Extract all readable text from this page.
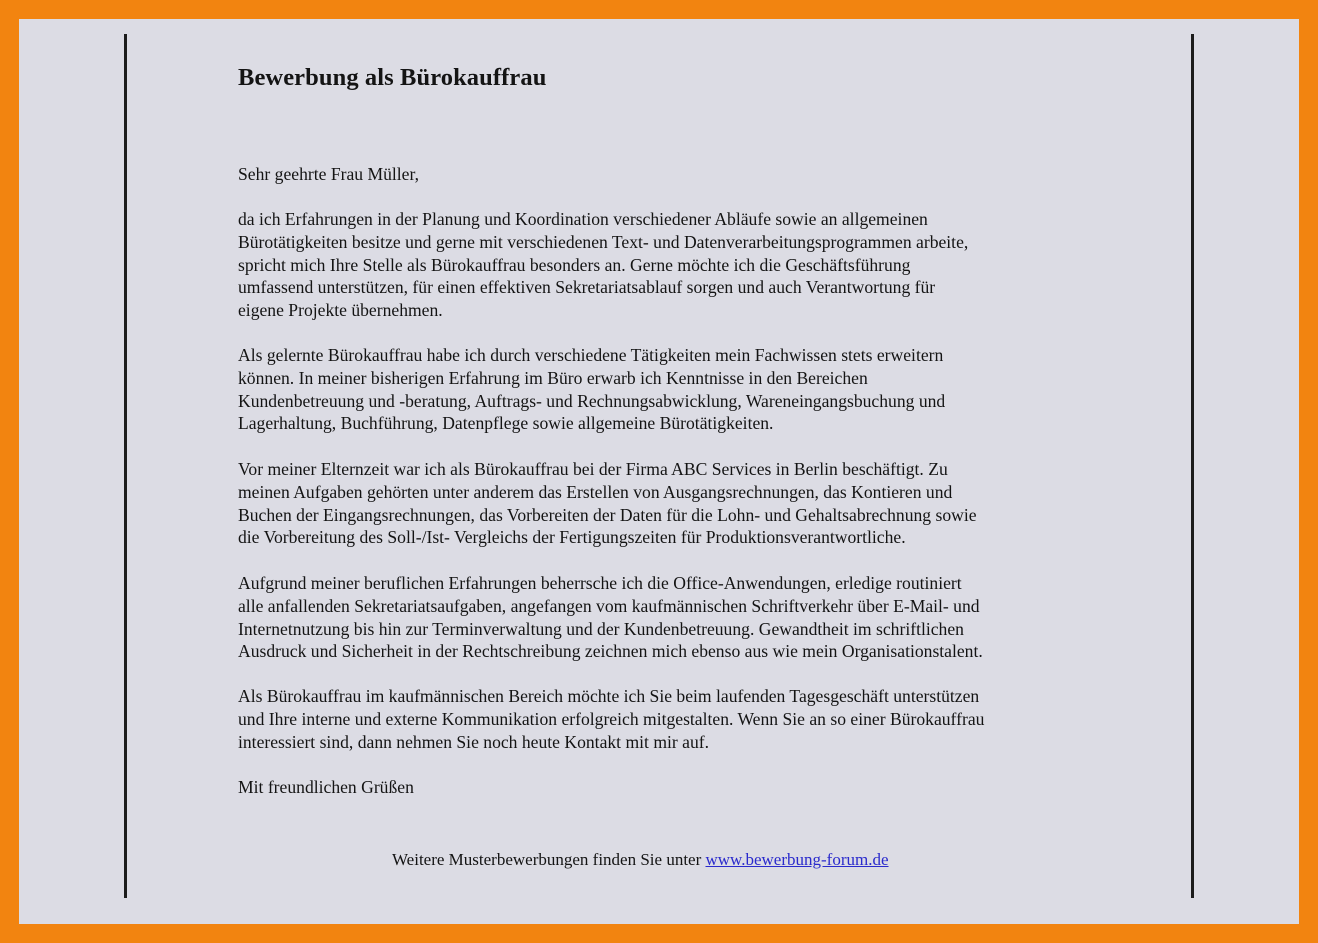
Bewerbung als Bürokauffrau

Sehr geehrte Frau Müller,

da ich Erfahrungen in der Planung und Koordination verschiedener Abläufe sowie an allgemeinen
Bürotätigkeiten besitze und gerne mit verschiedenen Text- und Datenverarbeitungsprogrammen arbeite,
spricht mich Ihre Stelle als Bürokauffrau besonders an. Gerne möchte ich die Geschäftsführung
umfassend unterstützen, für einen effektiven Sekretariatsablauf sorgen und auch Verantwortung für
eigene Projekte übernehmen.

Als gelernte Bürokauffrau habe ich durch verschiedene Tätigkeiten mein Fachwissen stets erweitern
können. In meiner bisherigen Erfahrung im Büro erwarb ich Kenntnisse in den Bereichen
Kundenbetreuung und -beratung, Auftrags- und Rechnungsabwicklung, Wareneingangsbuchung und
Lagerhaltung, Buchführung, Datenpflege sowie allgemeine Bürotätigkeiten.

Vor meiner Elternzeit war ich als Bürokauffrau bei der Firma ABC Services in Berlin beschäftigt. Zu
meinen Aufgaben gehörten unter anderem das Erstellen von Ausgangsrechnungen, das Kontieren und
Buchen der Eingangsrechnungen, das Vorbereiten der Daten für die Lohn- und Gehaltsabrechnung sowie
die Vorbereitung des Soll-/Ist- Vergleichs der Fertigungszeiten für Produktionsverantwortliche.

Aufgrund meiner beruflichen Erfahrungen beherrsche ich die Office-Anwendungen, erledige routiniert
alle anfallenden Sekretariatsaufgaben, angefangen vom kaufmännischen Schriftverkehr über E-Mail- und
Internetnutzung bis hin zur Terminverwaltung und der Kundenbetreuung. Gewandtheit im schriftlichen
Ausdruck und Sicherheit in der Rechtschreibung zeichnen mich ebenso aus wie mein Organisationstalent.

Als Bürokauffrau im kaufmännischen Bereich möchte ich Sie beim laufenden Tagesgeschäft unterstützen
und Ihre interne und externe Kommunikation erfolgreich mitgestalten. Wenn Sie an so einer Bürokauffrau
interessiert sind, dann nehmen Sie noch heute Kontakt mit mir auf.

Mit freundlichen Grüßen

Weitere Musterbewerbungen finden Sie unter www.bewerbung-forum.de
